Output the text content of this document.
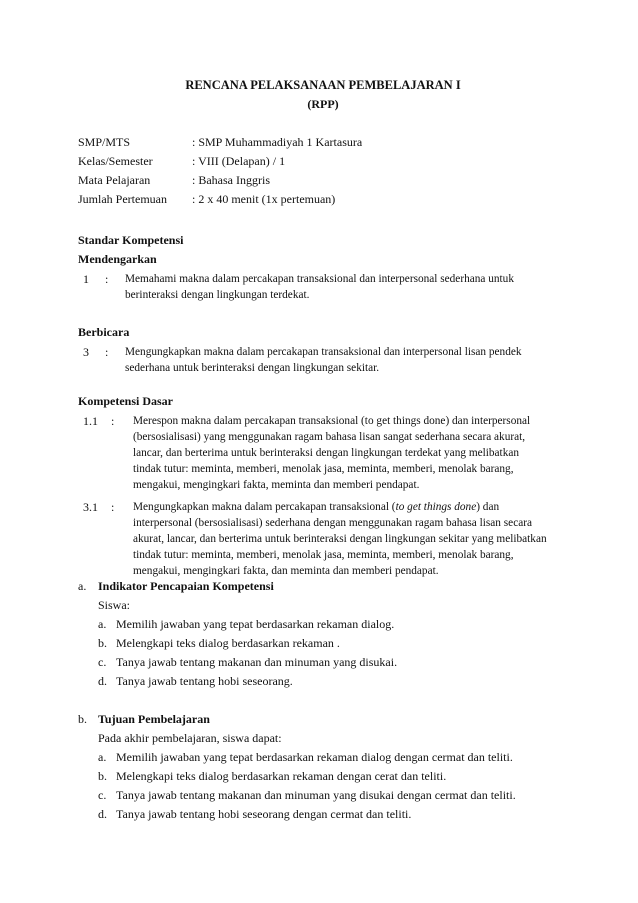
RENCANA PELAKSANAAN PEMBELAJARAN I
(RPP)
SMP/MTS	: SMP Muhammadiyah 1 Kartasura
Kelas/Semester	: VIII (Delapan) / 1
Mata Pelajaran	: Bahasa Inggris
Jumlah Pertemuan	: 2 x 40 menit (1x pertemuan)
Standar Kompetensi
Mendengarkan
1	:	Memahami makna dalam percakapan transaksional dan interpersonal sederhana untuk berinteraksi dengan lingkungan terdekat.
Berbicara
3	:	Mengungkapkan makna dalam percakapan transaksional dan interpersonal lisan pendek sederhana untuk berinteraksi dengan lingkungan sekitar.
Kompetensi Dasar
1.1	:	Merespon makna dalam percakapan transaksional (to get things done) dan interpersonal (bersosialisasi) yang menggunakan ragam bahasa lisan sangat sederhana secara akurat, lancar, dan berterima untuk berinteraksi dengan lingkungan terdekat yang melibatkan tindak tutur: meminta, memberi, menolak jasa, meminta, memberi, menolak barang, mengakui, mengingkari fakta, meminta dan memberi pendapat.
3.1	:	Mengungkapkan makna dalam percakapan transaksional (to get things done) dan interpersonal (bersosialisasi) sederhana dengan menggunakan ragam bahasa lisan secara akurat, lancar, dan berterima untuk berinteraksi dengan lingkungan sekitar yang melibatkan tindak tutur: meminta, memberi, menolak jasa, meminta, memberi, menolak barang, mengakui, mengingkari fakta, dan meminta dan memberi pendapat.
a. Indikator Pencapaian Kompetensi
Siswa:
a. Memilih jawaban yang tepat berdasarkan rekaman dialog.
b. Melengkapi teks dialog berdasarkan rekaman .
c. Tanya jawab tentang makanan dan minuman yang disukai.
d. Tanya jawab tentang hobi seseorang.
b. Tujuan Pembelajaran
Pada akhir pembelajaran, siswa dapat:
a. Memilih jawaban yang tepat berdasarkan rekaman dialog dengan cermat dan teliti.
b. Melengkapi teks dialog berdasarkan rekaman dengan cerat dan teliti.
c. Tanya jawab tentang makanan dan minuman yang disukai dengan cermat dan teliti.
d. Tanya jawab tentang hobi seseorang dengan cermat dan teliti.
